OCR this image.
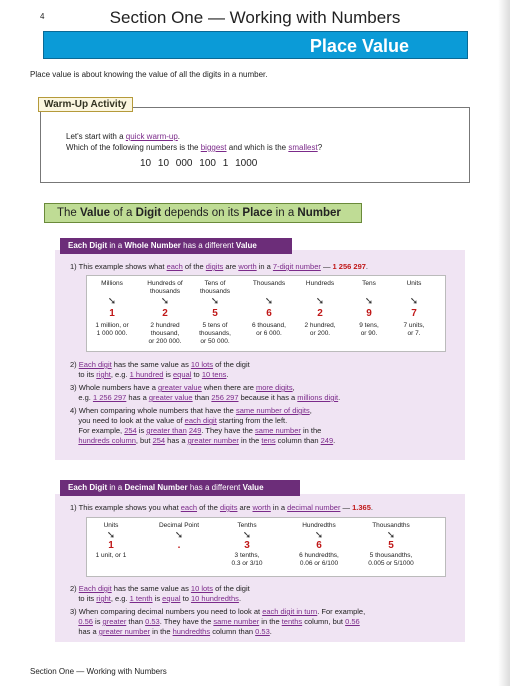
4	Section One — Working with Numbers
Place Value
Place value is about knowing the value of all the digits in a number.
Warm-Up Activity
Let's start with a quick warm-up.
Which of the following numbers is the biggest and which is the smallest?
10 10 000 100 1 1000
The Value of a Digit depends on its Place in a Number
Each Digit in a Whole Number has a different Value
1) This example shows what each of the digits are worth in a 7-digit number — 1 256 297.
Millions
➘
1
1 million, or
1 000 000.
Hundreds of
thousands
➘
2
2 hundred
thousand,
or 200 000.
Tens of
thousands
➘
5
5 tens of
thousands,
or 50 000.
Thousands
➘
6
6 thousand,
or 6 000.
Hundreds
➘
2
2 hundred,
or 200.
Tens
➘
9
9 tens,
or 90.
Units
➘
7
7 units,
or 7.
2) Each digit has the same value as 10 lots of the digit
to its right, e.g. 1 hundred is equal to 10 tens.
3) Whole numbers have a greater value when there are more digits,
e.g. 1 256 297 has a greater value than 256 297 because it has a millions digit.
4) When comparing whole numbers that have the same number of digits,
you need to look at the value of each digit starting from the left.
For example, 254 is greater than 249. They have the same number in the
hundreds column, but 254 has a greater number in the tens column than 249.
Each Digit in a Decimal Number has a different Value
1) This example shows you what each of the digits are worth in a decimal number — 1.365.
Units
➘
1
1 unit, or 1
Decimal Point
➘
.
Tenths
➘
3
3 tenths,
0.3 or 3/10
Hundredths
➘
6
6 hundredths,
0.06 or 6/100
Thousandths
➘
5
5 thousandths,
0.005 or 5/1000
2) Each digit has the same value as 10 lots of the digit
to its right, e.g. 1 tenth is equal to 10 hundredths.
3) When comparing decimal numbers you need to look at each digit in turn. For example,
0.56 is greater than 0.53. They have the same number in the tenths column, but 0.56
has a greater number in the hundredths column than 0.53.
Section One — Working with Numbers
